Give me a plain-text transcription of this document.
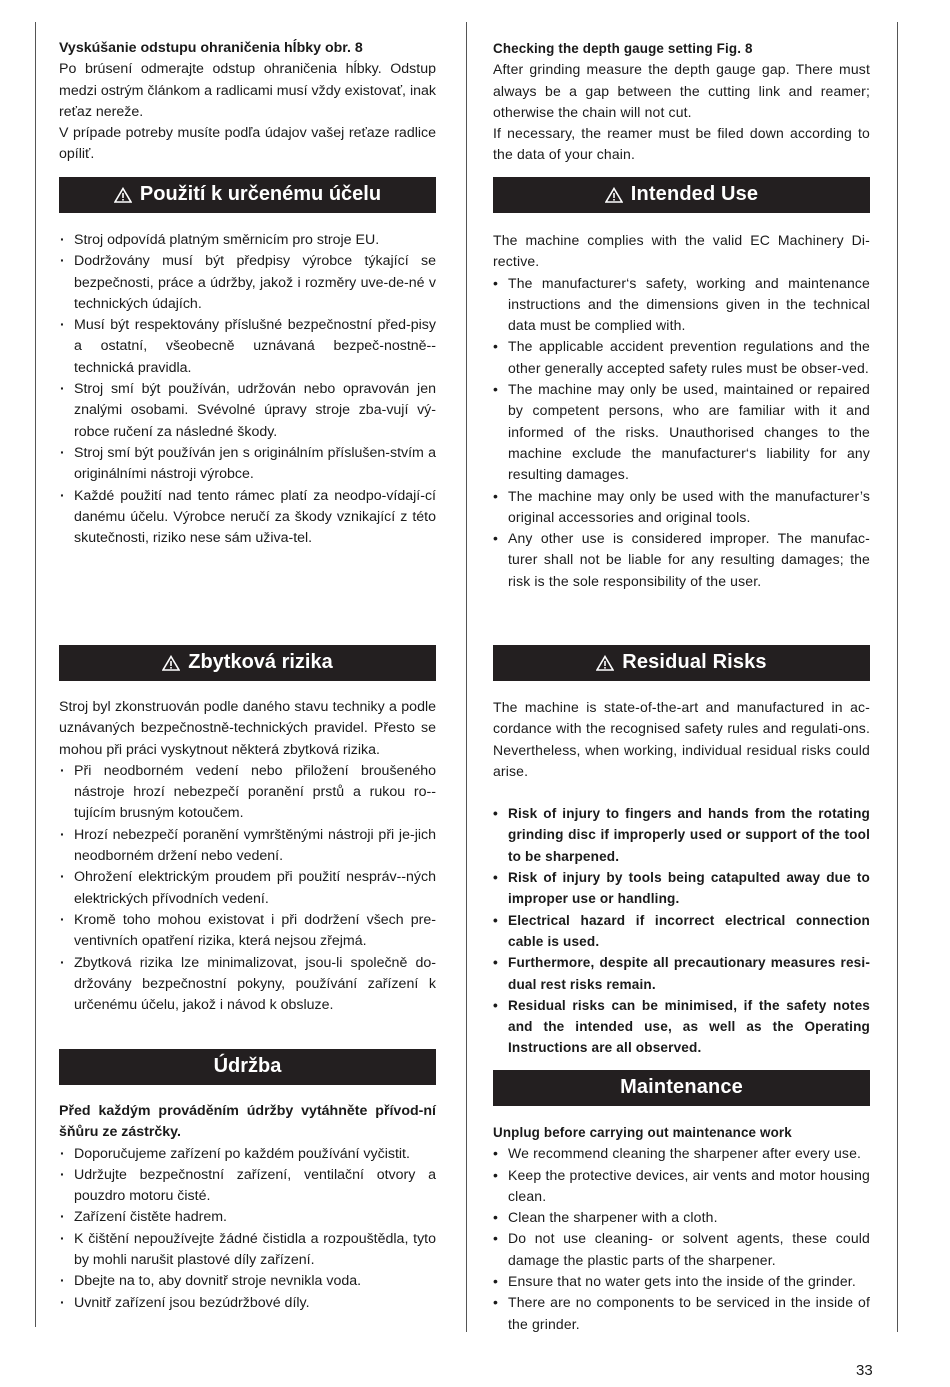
Vyskúšanie odstupu ohraničenia hĺbky obr. 8

Po brúsení odmerajte odstup ohraničenia hĺbky. Odstup medzi ostrým článkom a radlicami musí vždy existovať, inak reťaz nereže.

V prípade potreby musíte podľa údajov vašej reťaze radlice opíliť.

Použití k určenému účelu
· Stroj odpovídá platným směrnicím pro stroje EU.
· Dodržovány musí být předpisy výrobce týkající se bezpečnosti, práce a údržby, jakož i rozměry uve-de-né v technických údajích.
· Musí být respektovány příslušné bezpečnostní před-pisy a ostatní, všeobecně uznávaná bezpeč-nostně--technická pravidla.
· Stroj smí být používán, udržován nebo opravován jen znalými osobami. Svévolné úpravy stroje zba-vují vý-robce ručení za následné škody.
· Stroj smí být používán jen s originálním příslušen-stvím a originálními nástroji výrobce.
· Každé použití nad tento rámec platí za neodpo-vídají-cí danému účelu. Výrobce neručí za škody vznikající z této skutečnosti, riziko nese sám uživa-tel.
Zbytková rizika

Stroj byl zkonstruován podle daného stavu techniky a podle uznávaných bezpečnostně-technických pravidel. Přesto se mohou při práci vyskytnout některá zbytková rizika.

· Při neodborném vedení nebo přiložení broušeného nástroje hrozí nebezpečí poranění prstů a rukou ro--tujícím brusným kotoučem.
· Hrozí nebezpečí poranění vymrštěnými nástroji při je-jich neodborném držení nebo vedení.
· Ohrožení elektrickým proudem při použití nespráv--ných elektrických přívodních vedení.
· Kromě toho mohou existovat i při dodržení všech pre-ventivních opatření rizika, která nejsou zřejmá.
· Zbytková rizika lze minimalizovat, jsou-li společně do-držovány bezpečnostní pokyny, používání zařízení k určenému účelu, jakož i návod k obsluze.
Údržba

Před každým prováděním údržby vytáhněte přívod-ní šňůru ze zástrčky.

· Doporučujeme zařízení po každém používání vyčistit.
· Udržujte bezpečnostní zařízení, ventilační otvory a pouzdro motoru čisté.
· Zařízení čistěte hadrem.
· K čištění nepoužívejte žádné čistidla a rozpouštědla, tyto by mohli narušit plastové díly zařízení.
· Dbejte na to, aby dovnitř stroje nevnikla voda.
· Uvnitř zařízení jsou bezúdržbové díly.

Checking the depth gauge setting Fig. 8

After grinding measure the depth gauge gap. There must always be a gap between the cutting link and reamer; otherwise the chain will not cut.

If necessary, the reamer must be filed down according to the data of your chain.

Intended Use

The machine complies with the valid EC Machinery Di-rective.

• The manufacturer‘s safety, working and maintenance instructions and the dimensions given in the technical data must be complied with.
• The applicable accident prevention regulations and the other generally accepted safety rules must be obser-ved.
• The machine may only be used, maintained or repaired by competent persons, who are familiar with it and informed of the risks. Unauthorised changes to the machine exclude the manufacturer‘s liability for any resulting damages.
• The machine may only be used with the manufacturer’s original accessories and original tools.
• Any other use is considered improper. The manufac-turer shall not be liable for any resulting damages; the risk is the sole responsibility of the user.
Residual Risks

The machine is state-of-the-art and manufactured in ac-cordance with the recognised safety rules and regulati-ons. Nevertheless, when working, individual residual risks could arise.

• Risk of injury to fingers and hands from the rotating grinding disc if improperly used or support of the tool to be sharpened.
• Risk of injury by tools being catapulted away due to improper use or handling.
• Electrical hazard if incorrect electrical connection cable is used.
• Furthermore, despite all precautionary measures resi-dual rest risks remain.
• Residual risks can be minimised, if the safety notes and the intended use, as well as the Operating Instructions are all observed.
Maintenance

Unplug before carrying out maintenance work

• We recommend cleaning the sharpener after every use.
• Keep the protective devices, air vents and motor housing clean.
• Clean the sharpener with a cloth.
• Do not use cleaning- or solvent agents, these could damage the plastic parts of the sharpener.
• Ensure that no water gets into the inside of the grinder.
• There are no components to be serviced in the inside of the grinder.
33
